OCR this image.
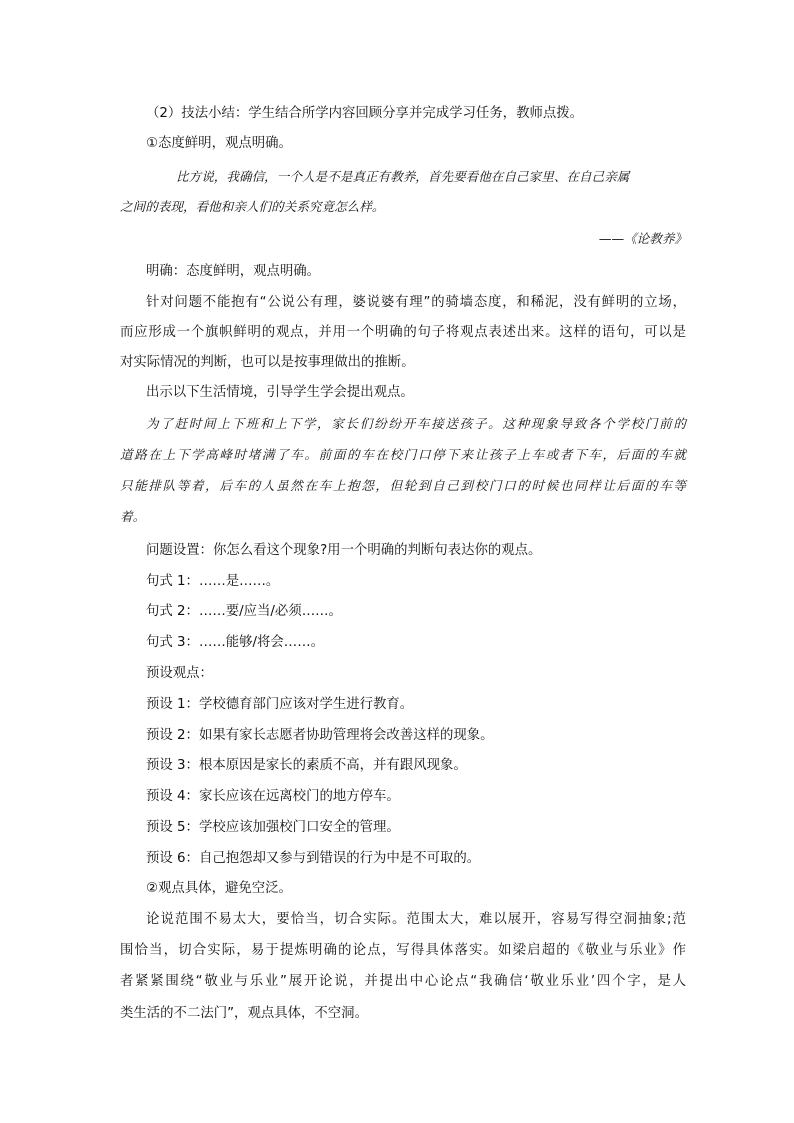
（2）技法小结：学生结合所学内容回顾分享并完成学习任务，教师点拨。
①态度鲜明，观点明确。
比方说，我确信，一个人是不是真正有教养，首先要看他在自己家里、在自己亲属
之间的表现，看他和亲人们的关系究竟怎么样。
——《论教养》
明确：态度鲜明，观点明确。
针对问题不能抱有“公说公有理，婆说婆有理”的骑墙态度，和稀泥，没有鲜明的立场，
而应形成一个旗帜鲜明的观点，并用一个明确的句子将观点表述出来。这样的语句，可以是
对实际情况的判断，也可以是按事理做出的推断。
出示以下生活情境，引导学生学会提出观点。
为了赶时间上下班和上下学，家长们纷纷开车接送孩子。这种现象导致各个学校门前的
道路在上下学高峰时堵满了车。前面的车在校门口停下来让孩子上车或者下车，后面的车就
只能排队等着，后车的人虽然在车上抱怨，但轮到自己到校门口的时候也同样让后面的车等
着。
问题设置：你怎么看这个现象?用一个明确的判断句表达你的观点。
句式 1：……是……。
句式 2：……要/应当/必须……。
句式 3：……能够/将会……。
预设观点：
预设 1：学校德育部门应该对学生进行教育。
预设 2：如果有家长志愿者协助管理将会改善这样的现象。
预设 3：根本原因是家长的素质不高，并有跟风现象。
预设 4：家长应该在远离校门的地方停车。
预设 5：学校应该加强校门口安全的管理。
预设 6：自己抱怨却又参与到错误的行为中是不可取的。
②观点具体，避免空泛。
论说范围不易太大，要恰当，切合实际。范围太大，难以展开，容易写得空洞抽象;范
围恰当，切合实际，易于提炼明确的论点，写得具体落实。如梁启超的《敬业与乐业》作
者紧紧围绕“敬业与乐业”展开论说，并提出中心论点“我确信‘敬业乐业’四个字，是人
类生活的不二法门”，观点具体，不空洞。
